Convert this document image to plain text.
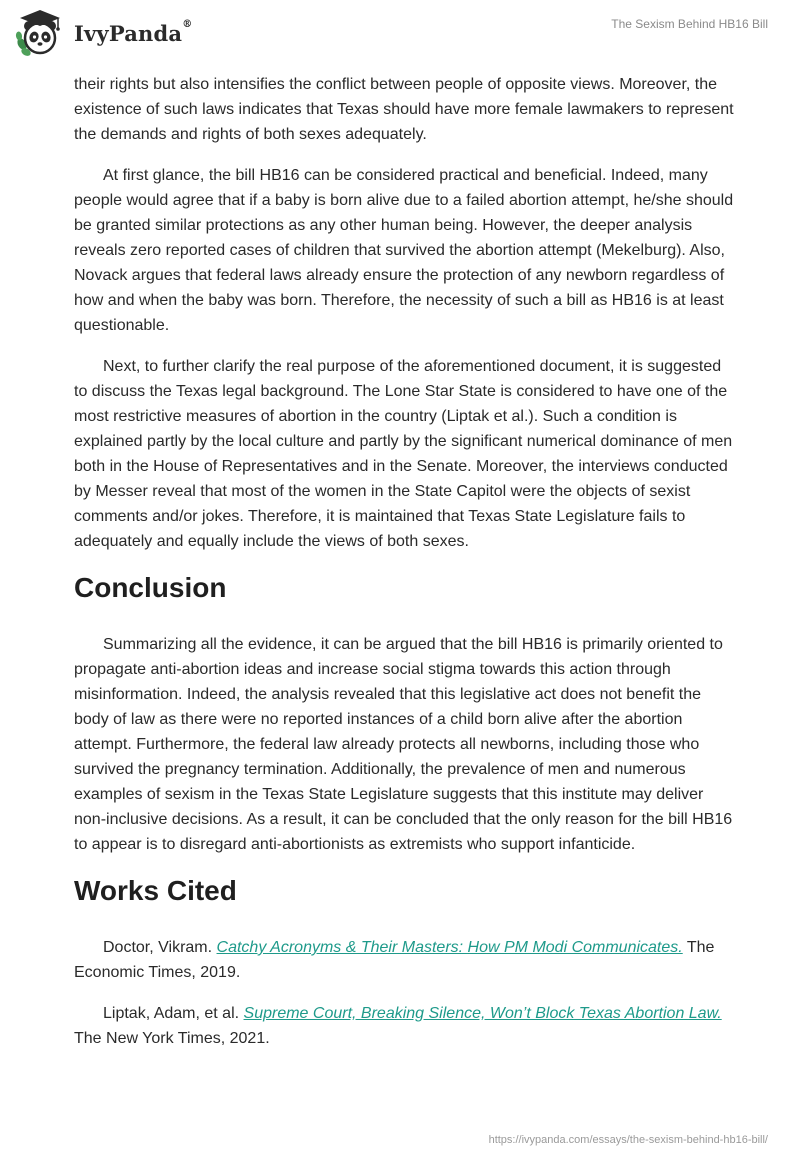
IvyPanda®	The Sexism Behind HB16 Bill

their rights but also intensifies the conflict between people of opposite views. Moreover, the existence of such laws indicates that Texas should have more female lawmakers to represent the demands and rights of both sexes adequately.

At first glance, the bill HB16 can be considered practical and beneficial. Indeed, many people would agree that if a baby is born alive due to a failed abortion attempt, he/she should be granted similar protections as any other human being. However, the deeper analysis reveals zero reported cases of children that survived the abortion attempt (Mekelburg). Also, Novack argues that federal laws already ensure the protection of any newborn regardless of how and when the baby was born. Therefore, the necessity of such a bill as HB16 is at least questionable.

Next, to further clarify the real purpose of the aforementioned document, it is suggested to discuss the Texas legal background. The Lone Star State is considered to have one of the most restrictive measures of abortion in the country (Liptak et al.). Such a condition is explained partly by the local culture and partly by the significant numerical dominance of men both in the House of Representatives and in the Senate. Moreover, the interviews conducted by Messer reveal that most of the women in the State Capitol were the objects of sexist comments and/or jokes. Therefore, it is maintained that Texas State Legislature fails to adequately and equally include the views of both sexes.

Conclusion

Summarizing all the evidence, it can be argued that the bill HB16 is primarily oriented to propagate anti-abortion ideas and increase social stigma towards this action through misinformation. Indeed, the analysis revealed that this legislative act does not benefit the body of law as there were no reported instances of a child born alive after the abortion attempt. Furthermore, the federal law already protects all newborns, including those who survived the pregnancy termination. Additionally, the prevalence of men and numerous examples of sexism in the Texas State Legislature suggests that this institute may deliver non-inclusive decisions. As a result, it can be concluded that the only reason for the bill HB16 to appear is to disregard anti-abortionists as extremists who support infanticide.

Works Cited

Doctor, Vikram. Catchy Acronyms & Their Masters: How PM Modi Communicates. The Economic Times, 2019.

Liptak, Adam, et al. Supreme Court, Breaking Silence, Won’t Block Texas Abortion Law. The New York Times, 2021.

https://ivypanda.com/essays/the-sexism-behind-hb16-bill/
